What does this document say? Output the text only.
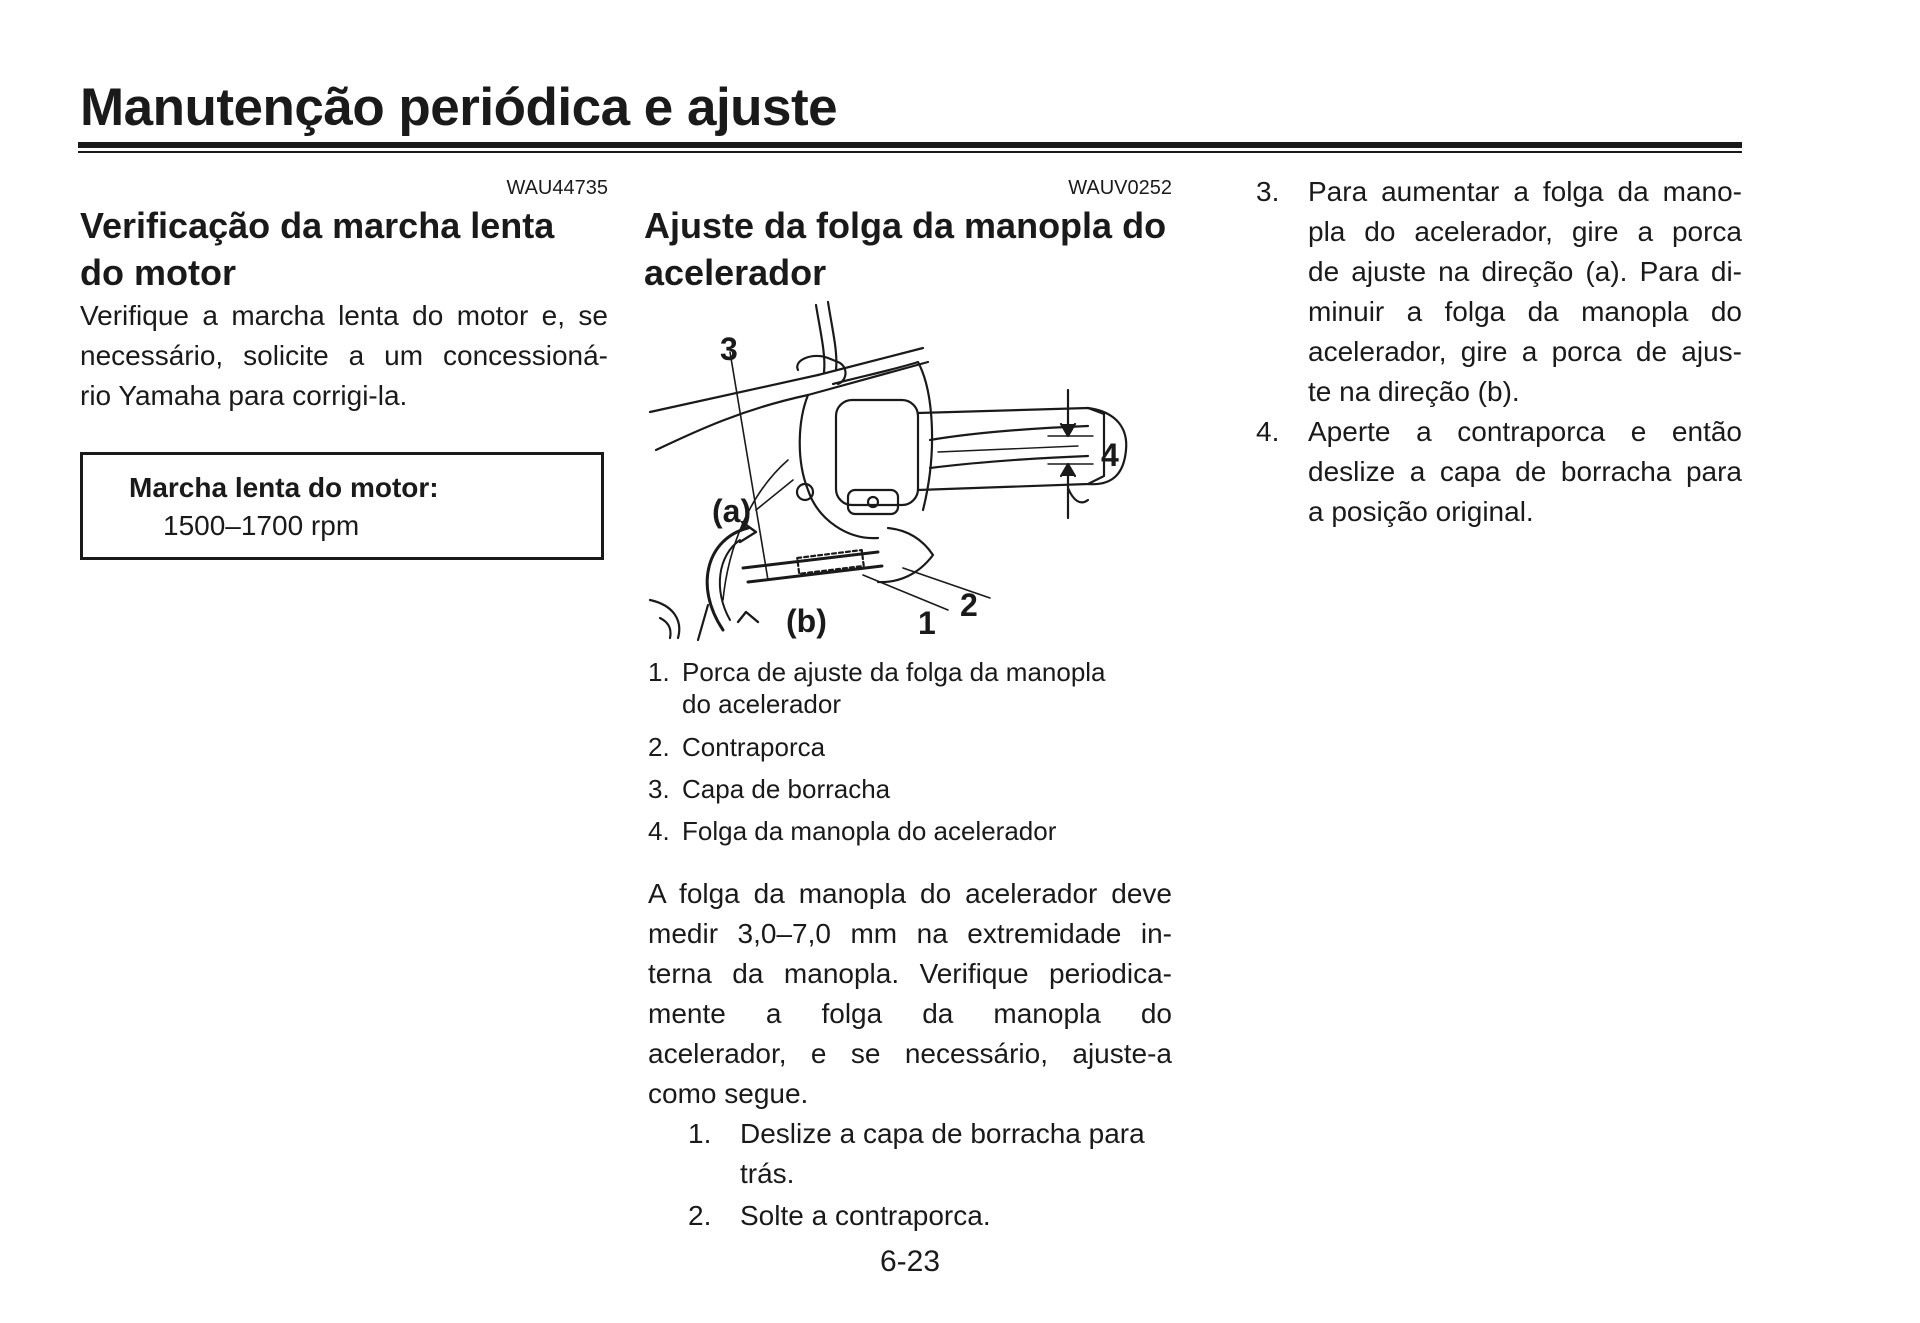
Manutenção periódica e ajuste
WAU44735
Verificação da marcha lenta
do motor
Verifique a marcha lenta do motor e, se
necessário, solicite a um concessioná-
rio Yamaha para corrigi-la.
Marcha lenta do motor:
1500–1700 rpm
WAUV0252
Ajuste da folga da manopla do
acelerador
3
4
(a)
(b)	1 2
1. Porca de ajuste da folga da manopla
do acelerador
2. Contraporca
3. Capa de borracha
4. Folga da manopla do acelerador
A folga da manopla do acelerador deve
medir 3,0–7,0 mm na extremidade in-
terna da manopla. Verifique periodica-
mente a folga da manopla do
acelerador, e se necessário, ajuste-a
como segue.
1. Deslize a capa de borracha para
trás.
2. Solte a contraporca.
3. Para aumentar a folga da mano-
pla do acelerador, gire a porca
de ajuste na direção (a). Para di-
minuir a folga da manopla do
acelerador, gire a porca de ajus-
te na direção (b).
4. Aperte a contraporca e então
deslize a capa de borracha para
a posição original.
6-23
